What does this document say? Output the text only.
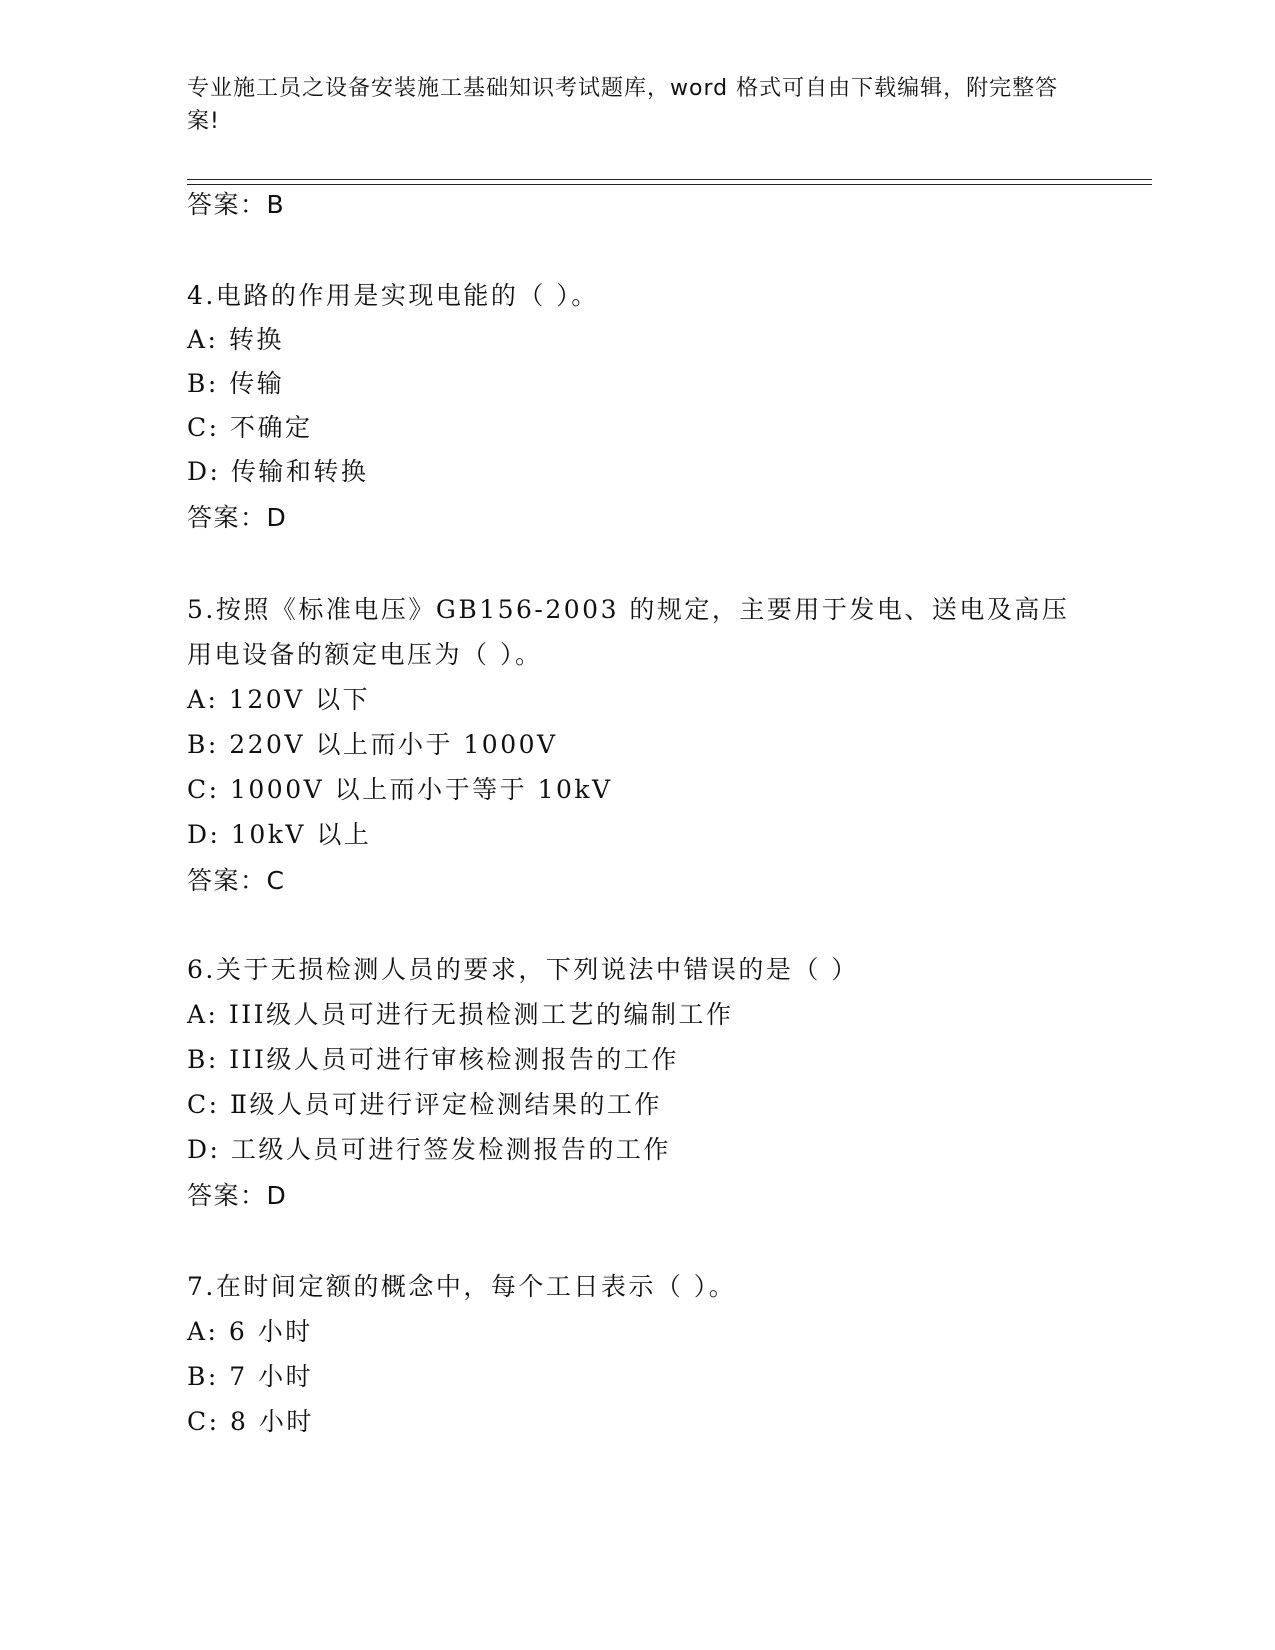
专业施工员之设备安装施工基础知识考试题库，word 格式可自由下载编辑，附完整答案!
答案：B
4.电路的作用是实现电能的（ ）。
A: 转换
B: 传输
C: 不确定
D: 传输和转换
答案：D
5.按照《标准电压》GB156-2003 的规定，主要用于发电、送电及高压
用电设备的额定电压为（ ）。
A: 120V 以下
B: 220V 以上而小于 1000V
C: 1000V 以上而小于等于 10kV
D: 10kV 以上
答案：C
6.关于无损检测人员的要求，下列说法中错误的是（ ）
A: III级人员可进行无损检测工艺的编制工作
B: III级人员可进行审核检测报告的工作
C: Ⅱ级人员可进行评定检测结果的工作
D: 工级人员可进行签发检测报告的工作
答案：D
7.在时间定额的概念中，每个工日表示（ ）。
A: 6 小时
B: 7 小时
C: 8 小时
